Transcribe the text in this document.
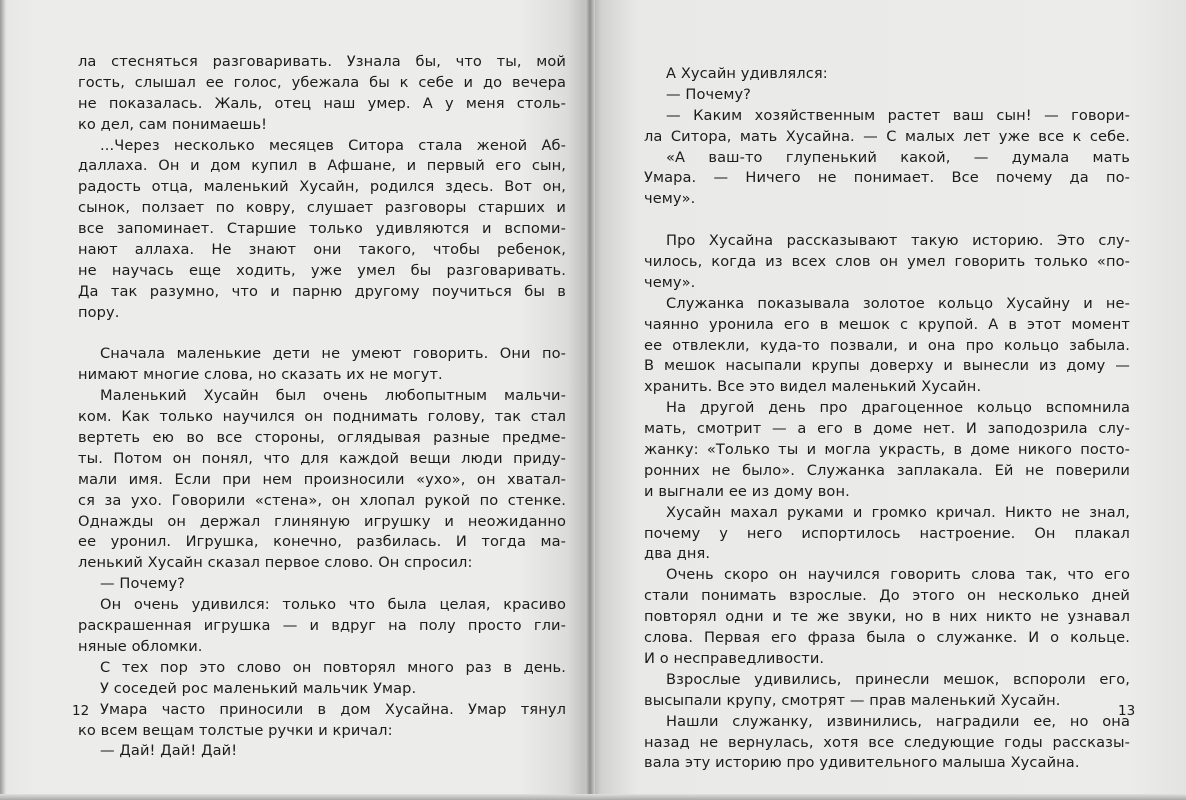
ла стесняться разговаривать. Узнала бы, что ты, мой
гость, слышал ее голос, убежала бы к себе и до вечера
не показалась. Жаль, отец наш умер. А у меня столь-
ко дел, сам понимаешь!
...Через несколько месяцев Ситора стала женой Аб-
даллаха. Он и дом купил в Афшане, и первый его сын,
радость отца, маленький Хусайн, родился здесь. Вот он,
сынок, ползает по ковру, слушает разговоры старших и
все запоминает. Старшие только удивляются и вспоми-
нают аллаха. Не знают они такого, чтобы ребенок,
не научась еще ходить, уже умел бы разговаривать.
Да так разумно, что и парню другому поучиться бы в
пору.
Сначала маленькие дети не умеют говорить. Они по-
нимают многие слова, но сказать их не могут.
Маленький Хусайн был очень любопытным мальчи-
ком. Как только научился он поднимать голову, так стал
вертеть ею во все стороны, оглядывая разные предме-
ты. Потом он понял, что для каждой вещи люди приду-
мали имя. Если при нем произносили «ухо», он хватал-
ся за ухо. Говорили «стена», он хлопал рукой по стенке.
Однажды он держал глиняную игрушку и неожиданно
ее уронил. Игрушка, конечно, разбилась. И тогда ма-
ленький Хусайн сказал первое слово. Он спросил:
— Почему?
Он очень удивился: только что была целая, красиво
раскрашенная игрушка — и вдруг на полу просто гли-
няные обломки.
С тех пор это слово он повторял много раз в день.
У соседей рос маленький мальчик Умар.
Умара часто приносили в дом Хусайна. Умар тянул
ко всем вещам толстые ручки и кричал:
— Дай! Дай! Дай!
12
А Хусайн удивлялся:
— Почему?
— Каким хозяйственным растет ваш сын! — говори-
ла Ситора, мать Хусайна. — С малых лет уже все к себе.
«А ваш-то глупенький какой, — думала мать
Умара. — Ничего не понимает. Все почему да по-
чему».
Про Хусайна рассказывают такую историю. Это слу-
чилось, когда из всех слов он умел говорить только «по-
чему».
Служанка показывала золотое кольцо Хусайну и не-
чаянно уронила его в мешок с крупой. А в этот момент
ее отвлекли, куда-то позвали, и она про кольцо забыла.
В мешок насыпали крупы доверху и вынесли из дому —
хранить. Все это видел маленький Хусайн.
На другой день про драгоценное кольцо вспомнила
мать, смотрит — а его в доме нет. И заподозрила слу-
жанку: «Только ты и могла украсть, в доме никого посто-
ронних не было». Служанка заплакала. Ей не поверили
и выгнали ее из дому вон.
Хусайн махал руками и громко кричал. Никто не знал,
почему у него испортилось настроение. Он плакал
два дня.
Очень скоро он научился говорить слова так, что его
стали понимать взрослые. До этого он несколько дней
повторял одни и те же звуки, но в них никто не узнавал
слова. Первая его фраза была о служанке. И о кольце.
И о несправедливости.
Взрослые удивились, принесли мешок, вспороли его,
высыпали крупу, смотрят — прав маленький Хусайн.
Нашли служанку, извинились, наградили ее, но она
назад не вернулась, хотя все следующие годы рассказы-
вала эту историю про удивительного малыша Хусайна.
13
